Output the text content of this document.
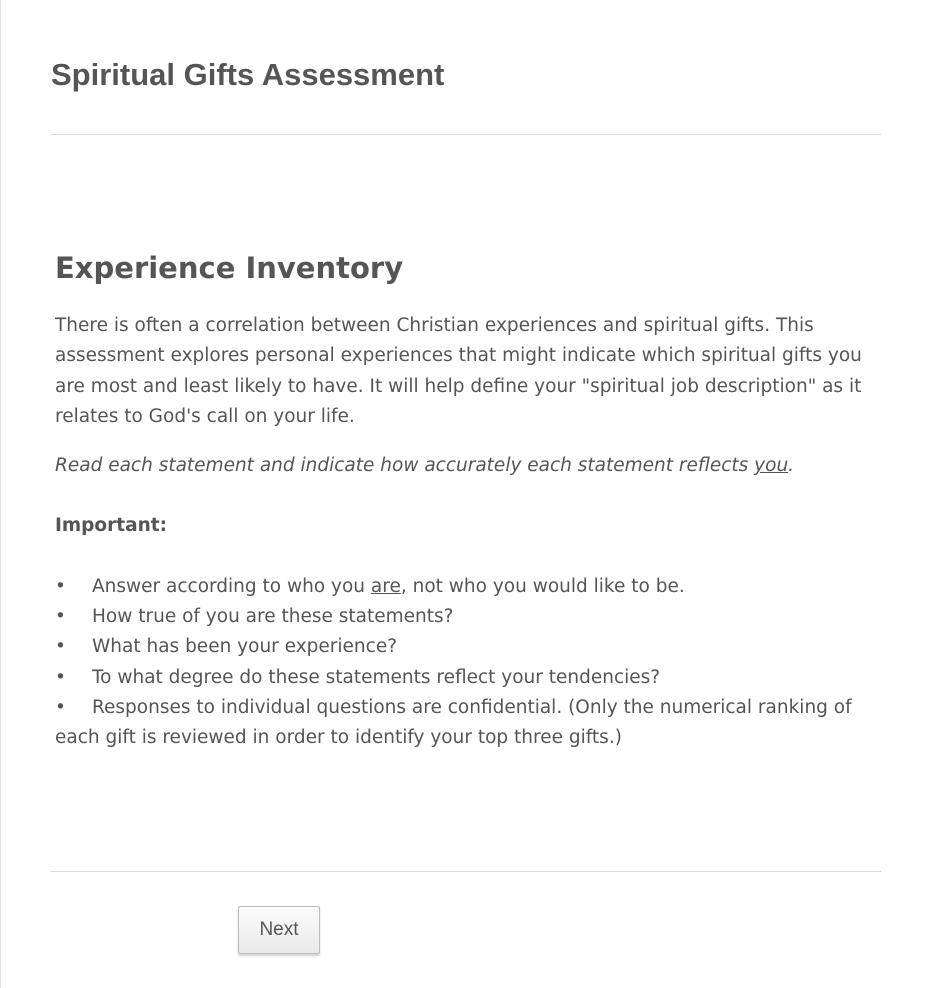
Spiritual Gifts Assessment
Experience Inventory

There is often a correlation between Christian experiences and spiritual gifts. This assessment explores personal experiences that might indicate which spiritual gifts you are most and least likely to have. It will help define your "spiritual job description" as it relates to God's call on your life.

Read each statement and indicate how accurately each statement reflects you.

Important:

• Answer according to who you are, not who you would like to be.
• How true of you are these statements?
• What has been your experience?
• To what degree do these statements reflect your tendencies?
• Responses to individual questions are confidential. (Only the numerical ranking of each gift is reviewed in order to identify your top three gifts.)
Next
